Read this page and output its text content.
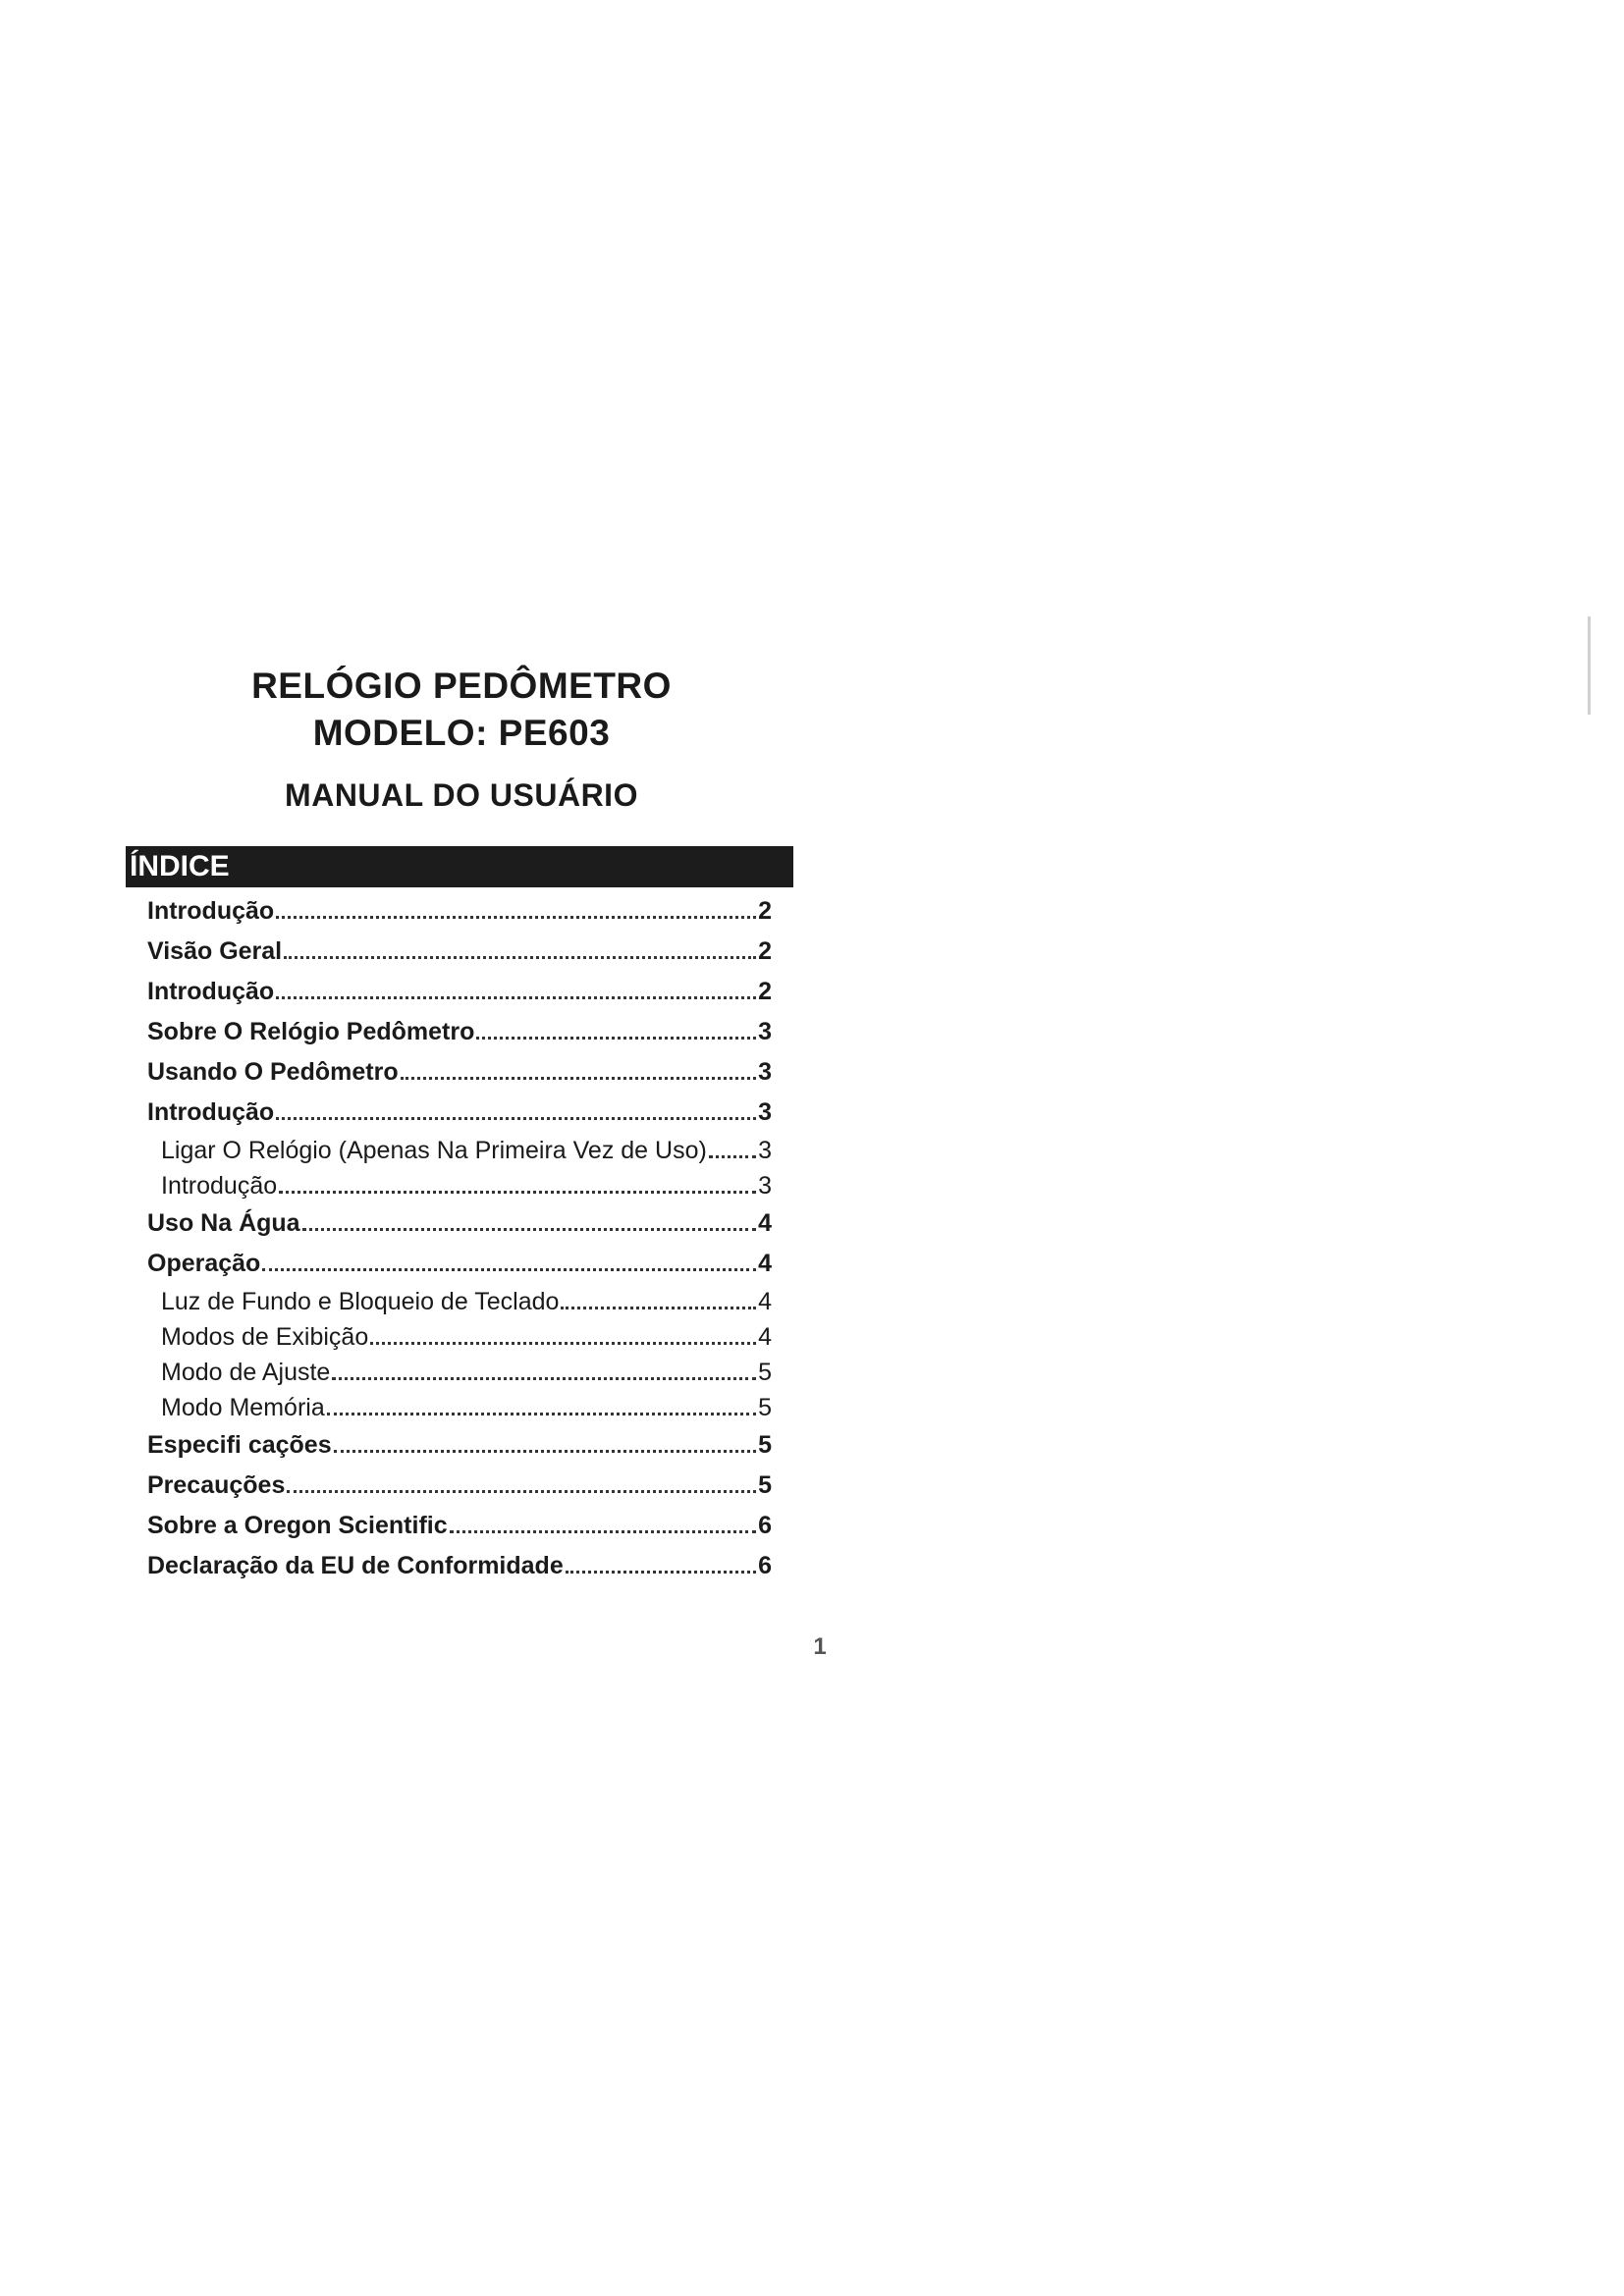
RELÓGIO PEDÔMETRO
MODELO: PE603
MANUAL DO USUÁRIO
ÍNDICE
Introdução	2
Visão Geral	2
Introdução	2
Sobre O Relógio Pedômetro	3
Usando O Pedômetro	3
Introdução	3
Ligar O Relógio (Apenas Na Primeira Vez de Uso) 3
Introdução	3
Uso Na Água	4
Operação	4
Luz de Fundo e Bloqueio de Teclado	4
Modos de Exibição	4
Modo de Ajuste	5
Modo Memória	5
Especifi cações	5
Precauções	5
Sobre a Oregon Scientific	6
Declaração da EU de Conformidade	6
1
